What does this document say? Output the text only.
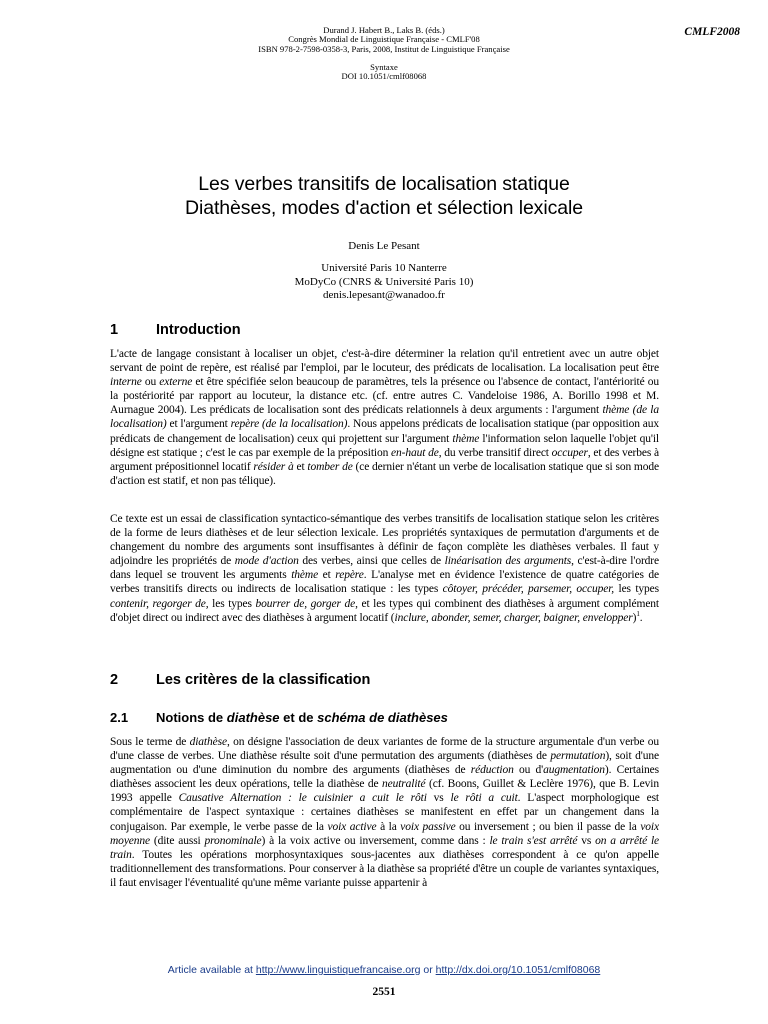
Durand J. Habert B., Laks B. (éds.)
Congrès Mondial de Linguistique Française - CMLF'08
ISBN 978-2-7598-0358-3, Paris, 2008, Institut de Linguistique Française
Syntaxe
DOI 10.1051/cmlf08068
CMLF2008
Les verbes transitifs de localisation statique
Diathèses, modes d'action et sélection lexicale
Denis Le Pesant
Université Paris 10 Nanterre
MoDyCo (CNRS & Université Paris 10)
denis.lepesant@wanadoo.fr
1	Introduction

L'acte de langage consistant à localiser un objet, c'est-à-dire déterminer la relation qu'il entretient avec un autre objet servant de point de repère, est réalisé par l'emploi, par le locuteur, des prédicats de localisation. La localisation peut être interne ou externe et être spécifiée selon beaucoup de paramètres, tels la présence ou l'absence de contact, l'antériorité ou la postériorité par rapport au locuteur, la distance etc. (cf. entre autres C. Vandeloise 1986, A. Borillo 1998 et M. Aurnague 2004). Les prédicats de localisation sont des prédicats relationnels à deux arguments : l'argument thème (de la localisation) et l'argument repère (de la localisation). Nous appelons prédicats de localisation statique (par opposition aux prédicats de changement de localisation) ceux qui projettent sur l'argument thème l'information selon laquelle l'objet qu'il désigne est statique ; c'est le cas par exemple de la préposition en-haut de, du verbe transitif direct occuper, et des verbes à argument prépositionnel locatif résider à et tomber de (ce dernier n'étant un verbe de localisation statique que si son mode d'action est statif, et non pas télique).

Ce texte est un essai de classification syntactico-sémantique des verbes transitifs de localisation statique selon les critères de la forme de leurs diathèses et de leur sélection lexicale. Les propriétés syntaxiques de permutation d'arguments et de changement du nombre des arguments sont insuffisantes à définir de façon complète les diathèses verbales. Il faut y adjoindre les propriétés de mode d'action des verbes, ainsi que celles de linéarisation des arguments, c'est-à-dire l'ordre dans lequel se trouvent les arguments thème et repère. L'analyse met en évidence l'existence de quatre catégories de verbes transitifs directs ou indirects de localisation statique : les types côtoyer, précéder, parsemer, occuper, les types contenir, regorger de, les types bourrer de, gorger de, et les types qui combinent des diathèses à argument complément d'objet direct ou indirect avec des diathèses à argument locatif (inclure, abonder, semer, charger, baigner, envelopper)$^1$.

2	Les critères de la classification
2.1 Notions de diathèse et de schéma de diathèses

Sous le terme de diathèse, on désigne l'association de deux variantes de forme de la structure argumentale d'un verbe ou d'une classe de verbes. Une diathèse résulte soit d'une permutation des arguments (diathèses de permutation), soit d'une augmentation ou d'une diminution du nombre des arguments (diathèses de réduction ou d'augmentation). Certaines diathèses associent les deux opérations, telle la diathèse de neutralité (cf. Boons, Guillet & Leclère 1976), que B. Levin 1993 appelle Causative Alternation : le cuisinier a cuit le rôti vs le rôti a cuit. L'aspect morphologique est complémentaire de l'aspect syntaxique : certaines diathèses se manifestent en effet par un changement dans la conjugaison. Par exemple, le verbe passe de la voix active à la voix passive ou inversement ; ou bien il passe de la voix moyenne (dite aussi pronominale) à la voix active ou inversement, comme dans : le train s'est arrêté vs on a arrêté le train. Toutes les opérations morphosyntaxiques sous-jacentes aux diathèses correspondent à ce qu'on appelle traditionnellement des transformations. Pour conserver à la diathèse sa propriété d'être un couple de variantes syntaxiques, il faut envisager l'éventualité qu'une même variante puisse appartenir à

Article available at http://www.linguistiquefrancaise.org or http://dx.doi.org/10.1051/cmlf08068
2551
